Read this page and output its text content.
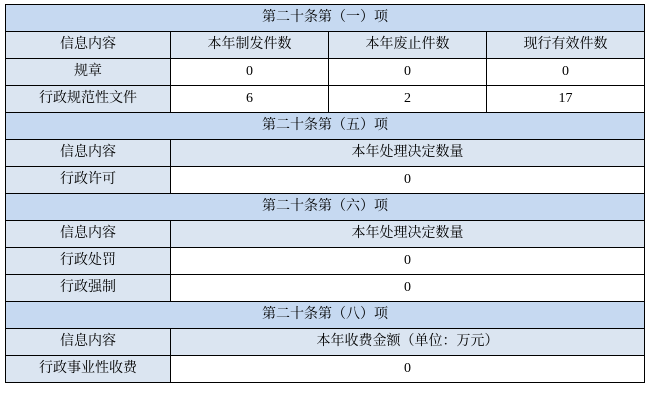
第二十条第（一）项			
信息内容	本年制发件数	本年废止件数	现行有效件数
规章	0	0	0
行政规范性文件	6	2	17
第二十条第（五）项			
信息内容	本年处理决定数量		
行政许可	0		
第二十条第（六）项			
信息内容	本年处理决定数量		
行政处罚	0		
行政强制	0		
第二十条第（八）项			
信息内容	本年收费金额（单位：万元）		
行政事业性收费	0		
